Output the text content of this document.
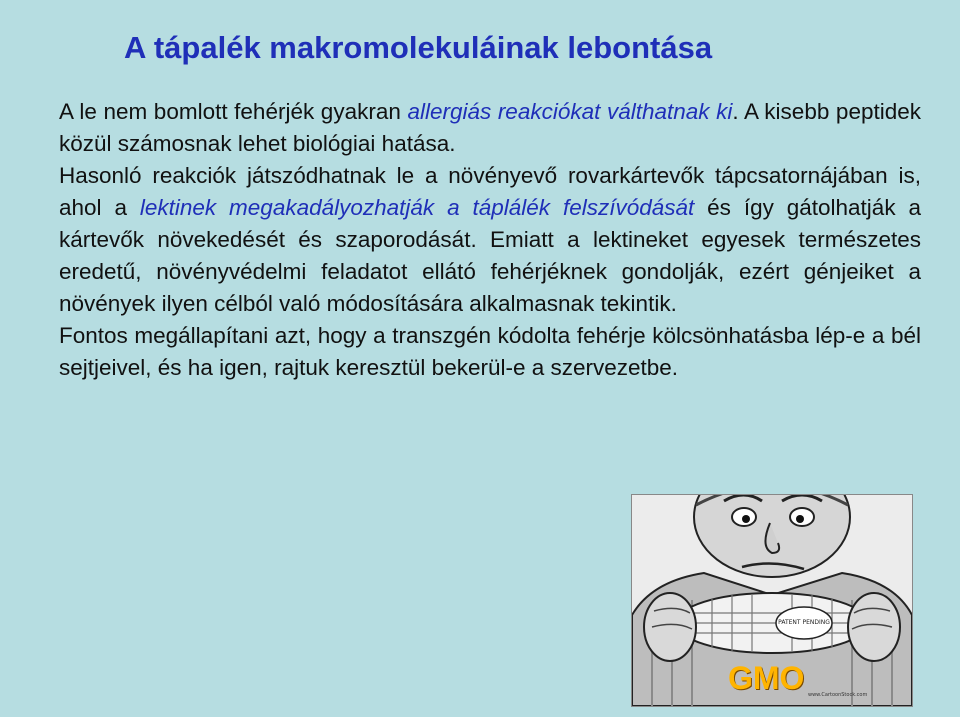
A tápalék makromolekuláinak lebontása

A le nem bomlott fehérjék gyakran allergiás reakciókat válthatnak ki. A kisebb peptidek közül számosnak lehet biológiai hatása.

Hasonló reakciók játszódhatnak le a növényevő rovarkártevők tápcsatornájában is, ahol a lektinek megakadályozhatják a táplálék felszívódását és így gátolhatják a kártevők növekedését és szaporodását. Emiatt a lektineket egyesek természetes eredetű, növényvédelmi feladatot ellátó fehérjéknek gondolják, ezért génjeiket a növények ilyen célból való módosítására alkalmasnak tekintik.

Fontos megállapítani azt, hogy a transzgén kódolta fehérje kölcsönhatásba lép-e a bél sejtjeivel, és ha igen, rajtuk keresztül bekerül-e a szervezetbe.

PATENT PENDING
GMO www.CartoonStock.com
